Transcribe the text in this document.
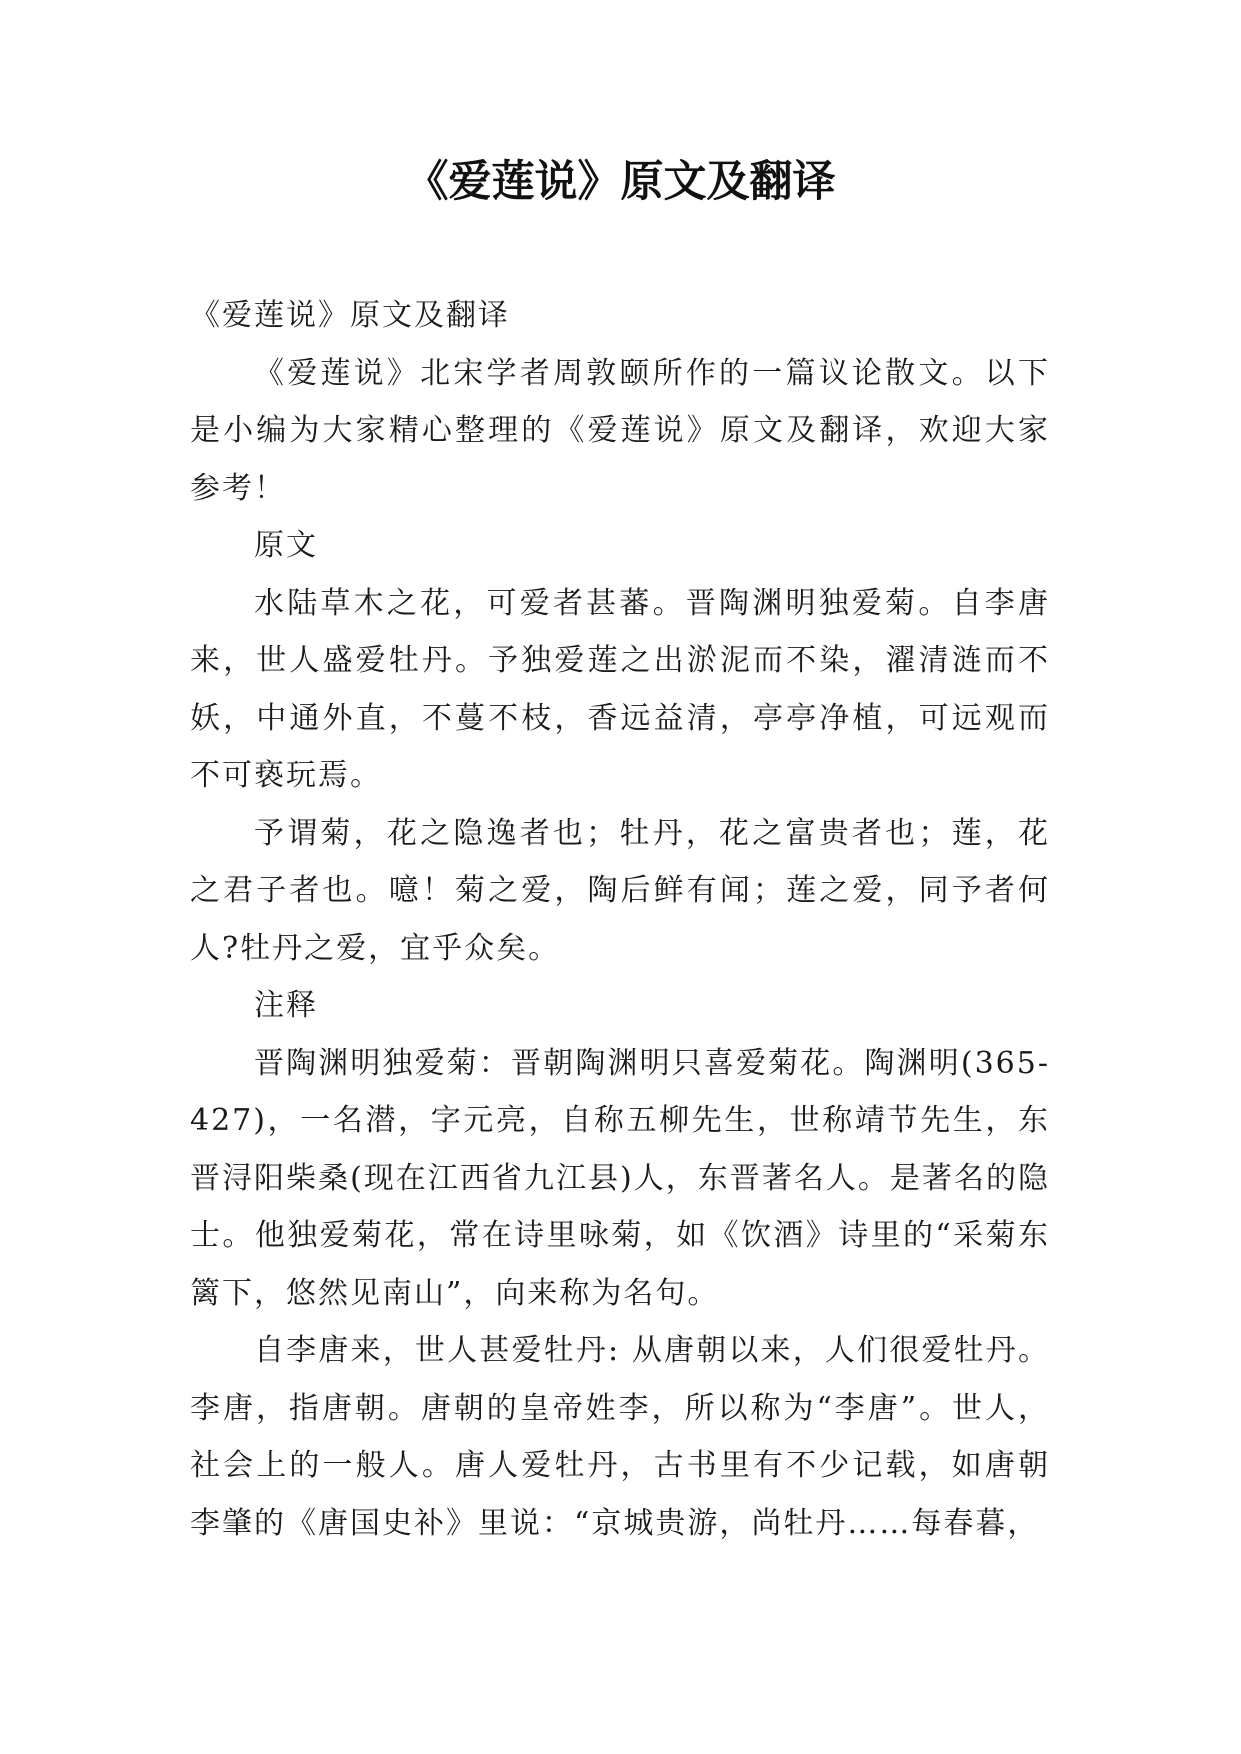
《爱莲说》原文及翻译

《爱莲说》原文及翻译

《爱莲说》北宋学者周敦颐所作的一篇议论散文。以下是小编为大家精心整理的《爱莲说》原文及翻译，欢迎大家参考！

原文

水陆草木之花，可爱者甚蕃。晋陶渊明独爱菊。自李唐来，世人盛爱牡丹。予独爱莲之出淤泥而不染，濯清涟而不妖，中通外直，不蔓不枝，香远益清，亭亭净植，可远观而不可亵玩焉。

予谓菊，花之隐逸者也；牡丹，花之富贵者也；莲，花之君子者也。噫！菊之爱，陶后鲜有闻；莲之爱，同予者何人?牡丹之爱，宜乎众矣。

注释

晋陶渊明独爱菊：晋朝陶渊明只喜爱菊花。陶渊明(365-427)，一名潜，字元亮，自称五柳先生，世称靖节先生，东晋浔阳柴桑(现在江西省九江县)人，东晋著名人。是著名的隐士。他独爱菊花，常在诗里咏菊，如《饮酒》诗里的“采菊东篱下，悠然见南山”，向来称为名句。

自李唐来，世人甚爱牡丹: 从唐朝以来，人们很爱牡丹。李唐，指唐朝。唐朝的皇帝姓李，所以称为“李唐”。世人，社会上的一般人。唐人爱牡丹，古书里有不少记载，如唐朝李肇的《唐国史补》里说：“京城贵游，尚牡丹……每春暮，
